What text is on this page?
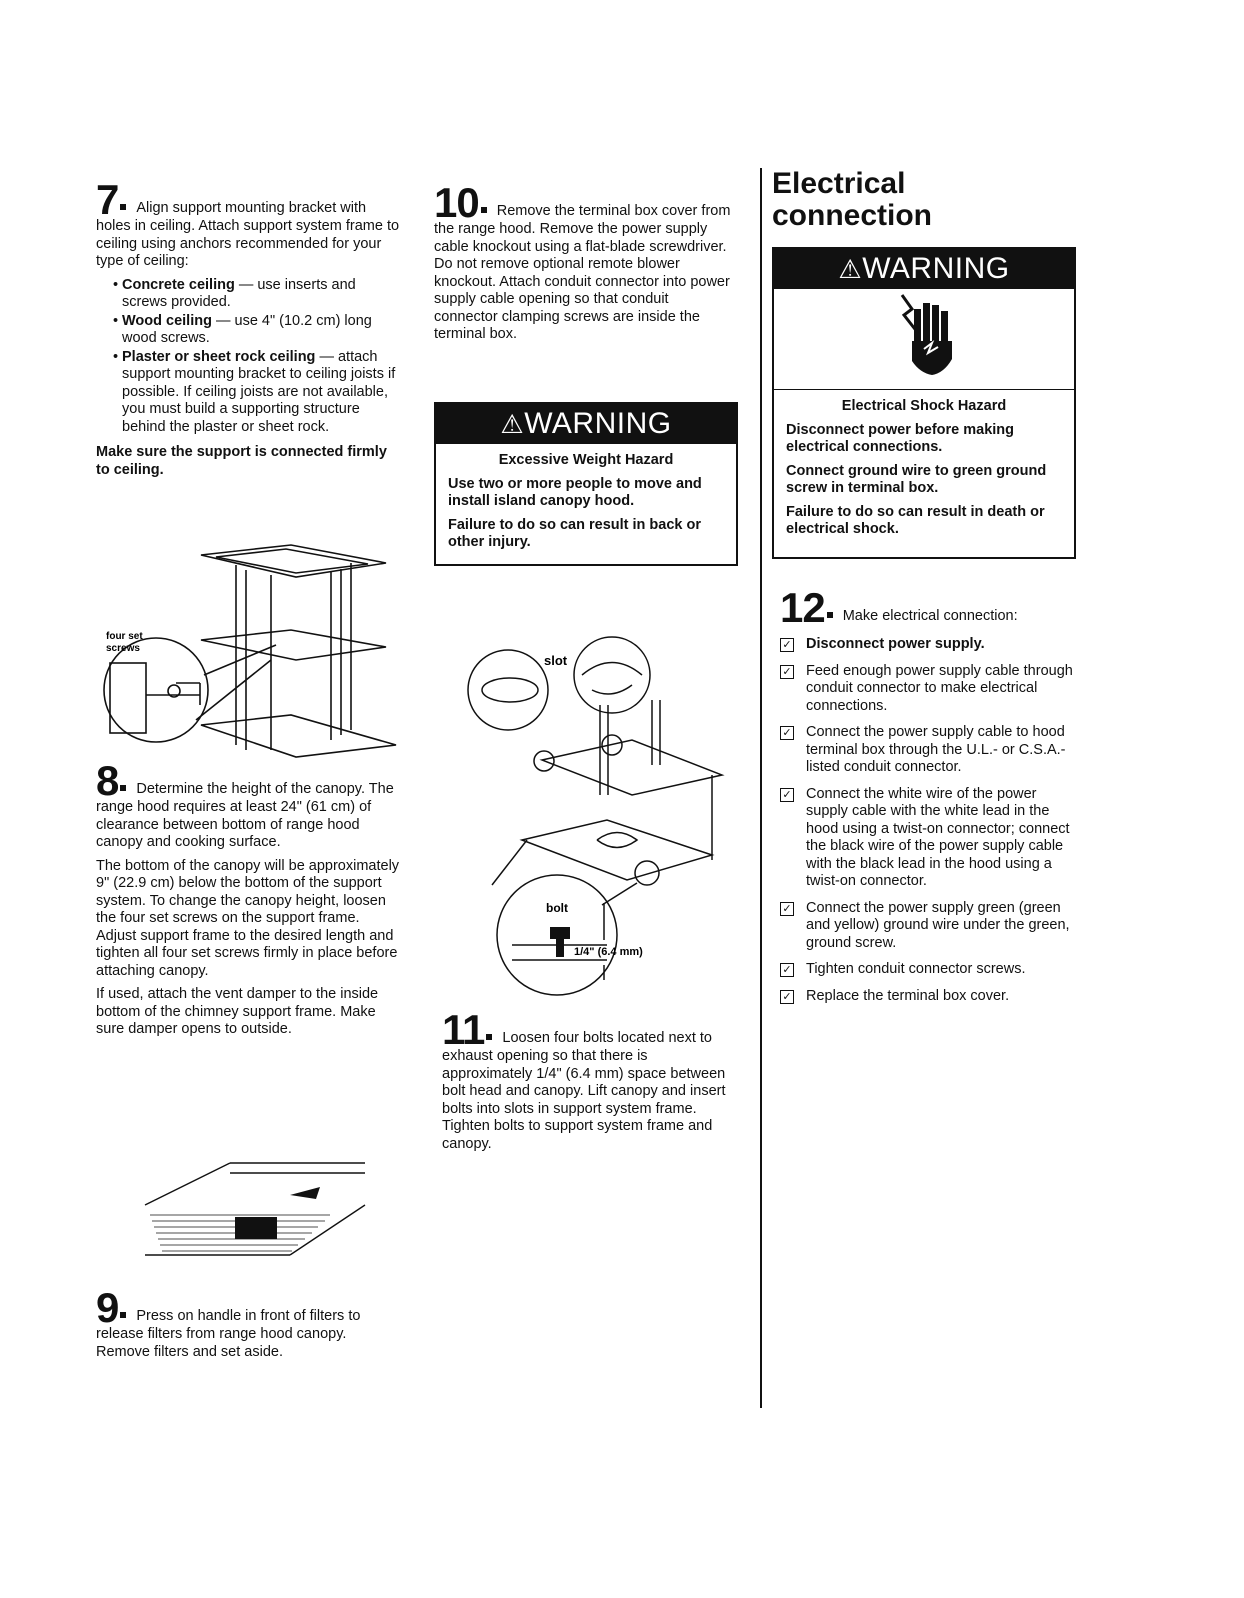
7 Align support mounting bracket with holes in ceiling. Attach support system frame to ceiling using anchors recommended for your type of ceiling:

• Concrete ceiling — use inserts and screws provided.
• Wood ceiling — use 4" (10.2 cm) long wood screws.
• Plaster or sheet rock ceiling — attach support mounting bracket to ceiling joists if possible. If ceiling joists are not available, you must build a supporting structure behind the plaster or sheet rock.

Make sure the support is connected firmly to ceiling.

four set
screws

8 Determine the height of the canopy. The range hood requires at least 24" (61 cm) of clearance between bottom of range hood canopy and cooking surface.

The bottom of the canopy will be approximately 9" (22.9 cm) below the bottom of the support system. To change the canopy height, loosen the four set screws on the support frame. Adjust support frame to the desired length and tighten all four set screws firmly in place before attaching canopy.

If used, attach the vent damper to the inside bottom of the chimney support frame. Make sure damper opens to outside.

9 Press on handle in front of filters to release filters from range hood canopy. Remove filters and set aside.

10 Remove the terminal box cover from the range hood. Remove the power supply cable knockout using a flat-blade screwdriver. Do not remove optional remote blower knockout. Attach conduit connector into power supply cable opening so that conduit connector clamping screws are inside the terminal box.

⚠WARNING
Excessive Weight Hazard
Use two or more people to move and install island canopy hood.
Failure to do so can result in back or other injury.
slot
bolt
1/4" (6.4 mm)

11 Loosen four bolts located next to exhaust opening so that there is approximately 1/4" (6.4 mm) space between bolt head and canopy. Lift canopy and insert bolts into slots in support system frame. Tighten bolts to support system frame and canopy.

Electrical
connection
⚠WARNING
Electrical Shock Hazard
Disconnect power before making electrical connections.
Connect ground wire to green ground screw in terminal box.
Failure to do so can result in death or electrical shock.

12 Make electrical connection:

✓ Disconnect power supply.
✓ Feed enough power supply cable through conduit connector to make electrical connections.
✓ Connect the power supply cable to hood terminal box through the U.L.- or C.S.A.-listed conduit connector.
✓ Connect the white wire of the power supply cable with the white lead in the hood using a twist-on connector; connect the black wire of the power supply cable with the black lead in the hood using a twist-on connector.
✓ Connect the power supply green (green and yellow) ground wire under the green, ground screw.
✓ Tighten conduit connector screws.
✓ Replace the terminal box cover.
